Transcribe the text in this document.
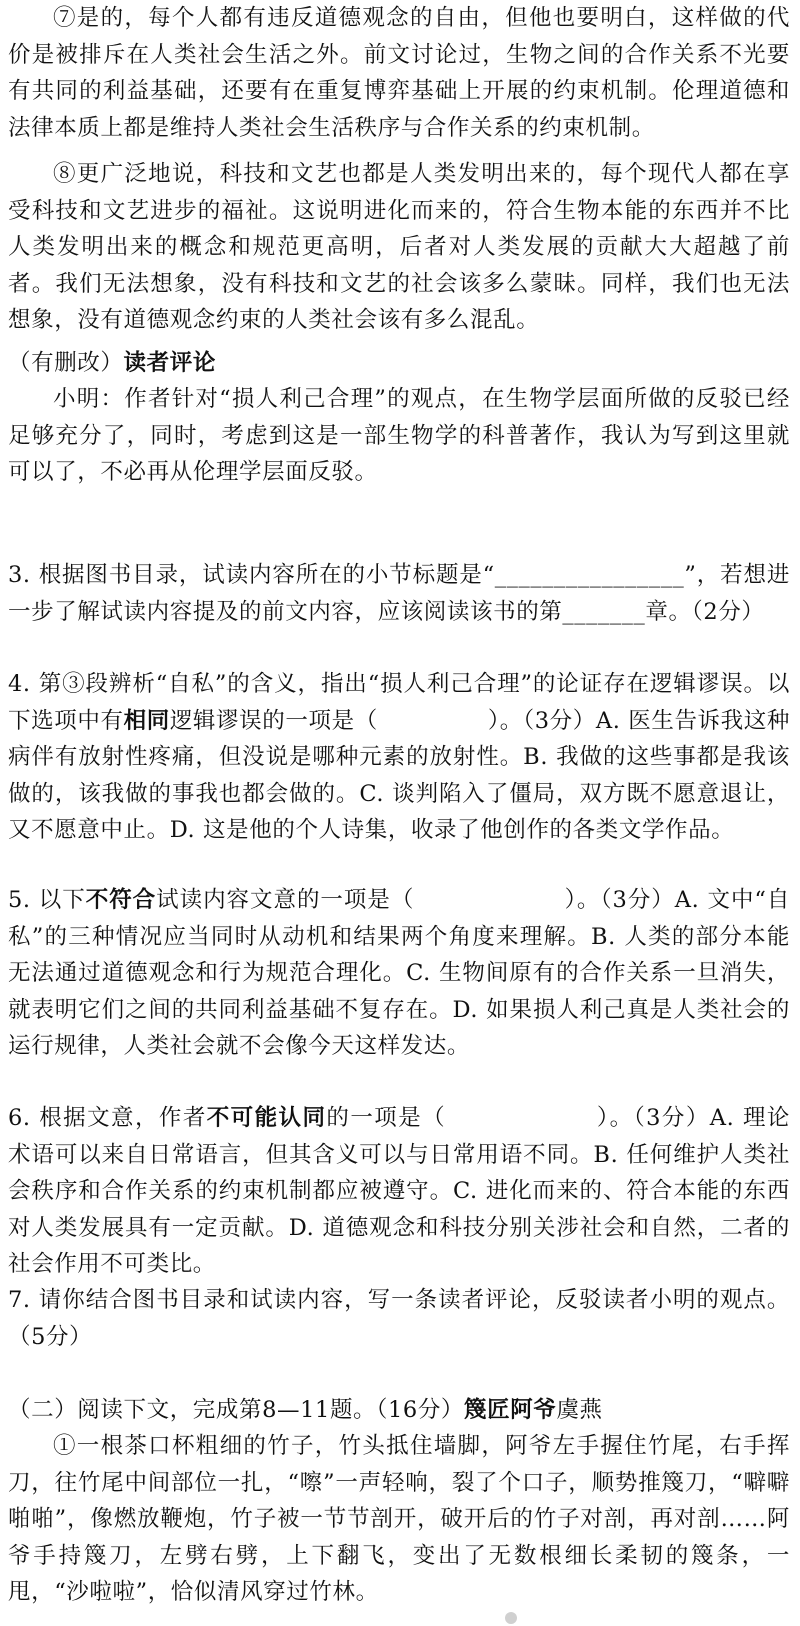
⑦是的，每个人都有违反道德观念的自由，但他也要明白，这样做的代价是被排斥在人类社会生活之外。前文讨论过，生物之间的合作关系不光要有共同的利益基础，还要有在重复博弈基础上开展的约束机制。伦理道德和法律本质上都是维持人类社会生活秩序与合作关系的约束机制。

⑧更广泛地说，科技和文艺也都是人类发明出来的，每个现代人都在享受科技和文艺进步的福祉。这说明进化而来的，符合生物本能的东西并不比人类发明出来的概念和规范更高明，后者对人类发展的贡献大大超越了前者。我们无法想象，没有科技和文艺的社会该多么蒙昧。同样，我们也无法想象，没有道德观念约束的人类社会该有多么混乱。

（有删改）读者评论

小明：作者针对“损人利己合理”的观点，在生物学层面所做的反驳已经足够充分了，同时，考虑到这是一部生物学的科普著作，我认为写到这里就可以了，不必再从伦理学层面反驳。

3. 根据图书目录，试读内容所在的小节标题是“________________”，若想进一步了解试读内容提及的前文内容，应该阅读该书的第_______章。（2分）

4. 第③段辨析“自私”的含义，指出“损人利己合理”的论证存在逻辑谬误。以下选项中有相同逻辑谬误的一项是（	）。（3分）A. 医生告诉我这种病伴有放射性疼痛，但没说是哪种元素的放射性。B. 我做的这些事都是我该做的，该我做的事我也都会做的。C. 谈判陷入了僵局，双方既不愿意退让，又不愿意中止。D. 这是他的个人诗集，收录了他创作的各类文学作品。

5. 以下不符合试读内容文意的一项是（	）。（3分）A. 文中“自私”的三种情况应当同时从动机和结果两个角度来理解。B. 人类的部分本能无法通过道德观念和行为规范合理化。C. 生物间原有的合作关系一旦消失，就表明它们之间的共同利益基础不复存在。D. 如果损人利己真是人类社会的运行规律，人类社会就不会像今天这样发达。

6. 根据文意，作者不可能认同的一项是（	）。（3分）A. 理论术语可以来自日常语言，但其含义可以与日常用语不同。B. 任何维护人类社会秩序和合作关系的约束机制都应被遵守。C. 进化而来的、符合本能的东西对人类发展具有一定贡献。D. 道德观念和科技分别关涉社会和自然，二者的社会作用不可类比。

7. 请你结合图书目录和试读内容，写一条读者评论，反驳读者小明的观点。（5分）

（二）阅读下文，完成第8—11题。（16分）篾匠阿爷虞燕

①一根茶口杯粗细的竹子，竹头抵住墙脚，阿爷左手握住竹尾，右手挥刀，往竹尾中间部位一扎，“嚓”一声轻响，裂了个口子，顺势推篾刀，“噼噼啪啪”，像燃放鞭炮，竹子被一节节剖开，破开后的竹子对剖，再对剖……阿爷手持篾刀，左劈右劈，上下翻飞，变出了无数根细长柔韧的篾条，一甩，“沙啦啦”，恰似清风穿过竹林。
